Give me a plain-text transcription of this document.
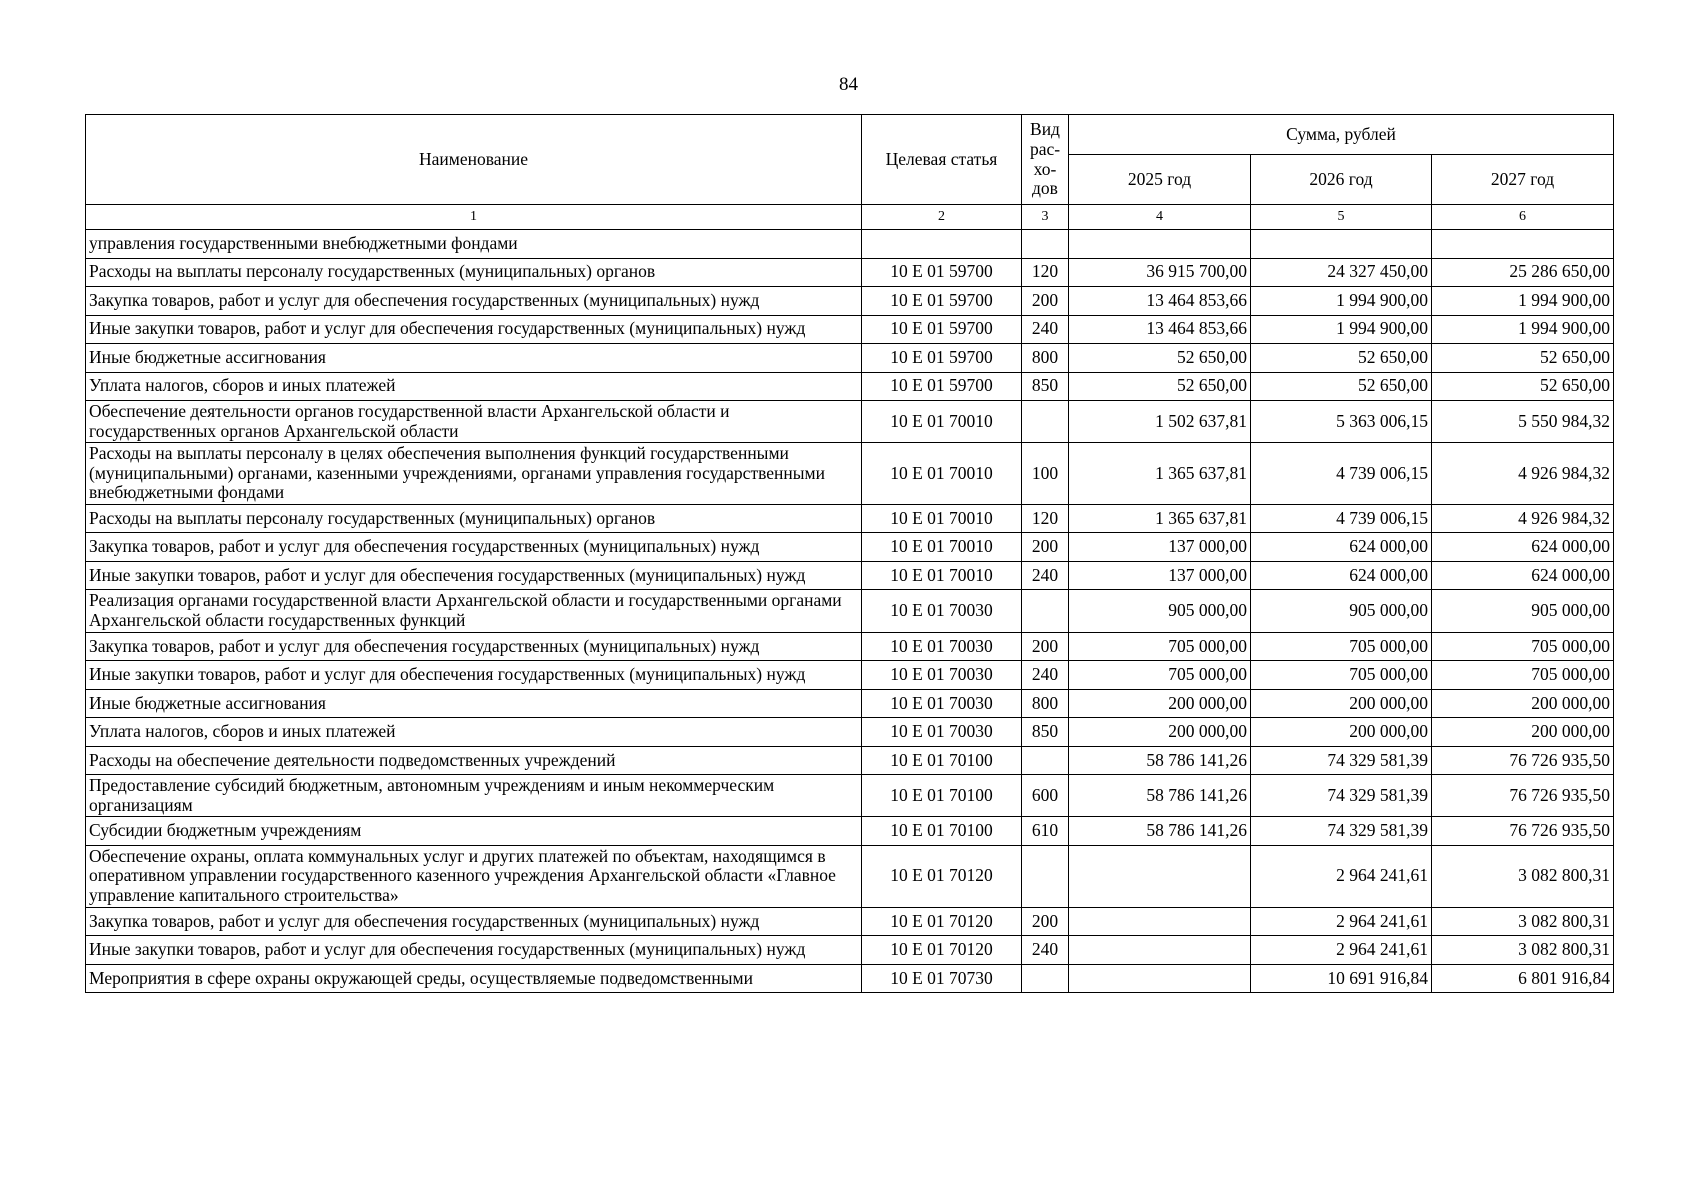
84
Наименование	Целевая статья	Вид рас-хо-дов	Сумма, рублей		
			2025 год	2026 год	2027 год
1	2	3	4	5	6
управления государственными внебюджетными фондами					
Расходы на выплаты персоналу государственных (муниципальных) органов	10 E 01 59700	120	36 915 700,00	24 327 450,00	25 286 650,00
Закупка товаров, работ и услуг для обеспечения государственных (муниципальных) нужд	10 E 01 59700	200	13 464 853,66	1 994 900,00	1 994 900,00
Иные закупки товаров, работ и услуг для обеспечения государственных (муниципальных) нужд	10 E 01 59700	240	13 464 853,66	1 994 900,00	1 994 900,00
Иные бюджетные ассигнования	10 E 01 59700	800	52 650,00	52 650,00	52 650,00
Уплата налогов, сборов и иных платежей	10 E 01 59700	850	52 650,00	52 650,00	52 650,00
Обеспечение деятельности органов государственной власти Архангельской области и государственных органов Архангельской области	10 E 01 70010		1 502 637,81	5 363 006,15	5 550 984,32
Расходы на выплаты персоналу в целях обеспечения выполнения функций государственными (муниципальными) органами, казенными учреждениями, органами управления государственными внебюджетными фондами	10 E 01 70010	100	1 365 637,81	4 739 006,15	4 926 984,32
Расходы на выплаты персоналу государственных (муниципальных) органов	10 E 01 70010	120	1 365 637,81	4 739 006,15	4 926 984,32
Закупка товаров, работ и услуг для обеспечения государственных (муниципальных) нужд	10 E 01 70010	200	137 000,00	624 000,00	624 000,00
Иные закупки товаров, работ и услуг для обеспечения государственных (муниципальных) нужд	10 E 01 70010	240	137 000,00	624 000,00	624 000,00
Реализация органами государственной власти Архангельской области и государственными органами Архангельской области государственных функций	10 E 01 70030		905 000,00	905 000,00	905 000,00
Закупка товаров, работ и услуг для обеспечения государственных (муниципальных) нужд	10 E 01 70030	200	705 000,00	705 000,00	705 000,00
Иные закупки товаров, работ и услуг для обеспечения государственных (муниципальных) нужд	10 E 01 70030	240	705 000,00	705 000,00	705 000,00
Иные бюджетные ассигнования	10 E 01 70030	800	200 000,00	200 000,00	200 000,00
Уплата налогов, сборов и иных платежей	10 E 01 70030	850	200 000,00	200 000,00	200 000,00
Расходы на обеспечение деятельности подведомственных учреждений	10 E 01 70100		58 786 141,26	74 329 581,39	76 726 935,50
Предоставление субсидий бюджетным, автономным учреждениям и иным некоммерческим организациям	10 E 01 70100	600	58 786 141,26	74 329 581,39	76 726 935,50
Субсидии бюджетным учреждениям	10 E 01 70100	610	58 786 141,26	74 329 581,39	76 726 935,50
Обеспечение охраны, оплата коммунальных услуг и других платежей по объектам, находящимся в оперативном управлении государственного казенного учреждения Архангельской области «Главное управление капитального строительства»	10 E 01 70120			2 964 241,61	3 082 800,31
Закупка товаров, работ и услуг для обеспечения государственных (муниципальных) нужд	10 E 01 70120	200		2 964 241,61	3 082 800,31
Иные закупки товаров, работ и услуг для обеспечения государственных (муниципальных) нужд	10 E 01 70120	240		2 964 241,61	3 082 800,31
Мероприятия в сфере охраны окружающей среды, осуществляемые подведомственными	10 E 01 70730			10 691 916,84	6 801 916,84
